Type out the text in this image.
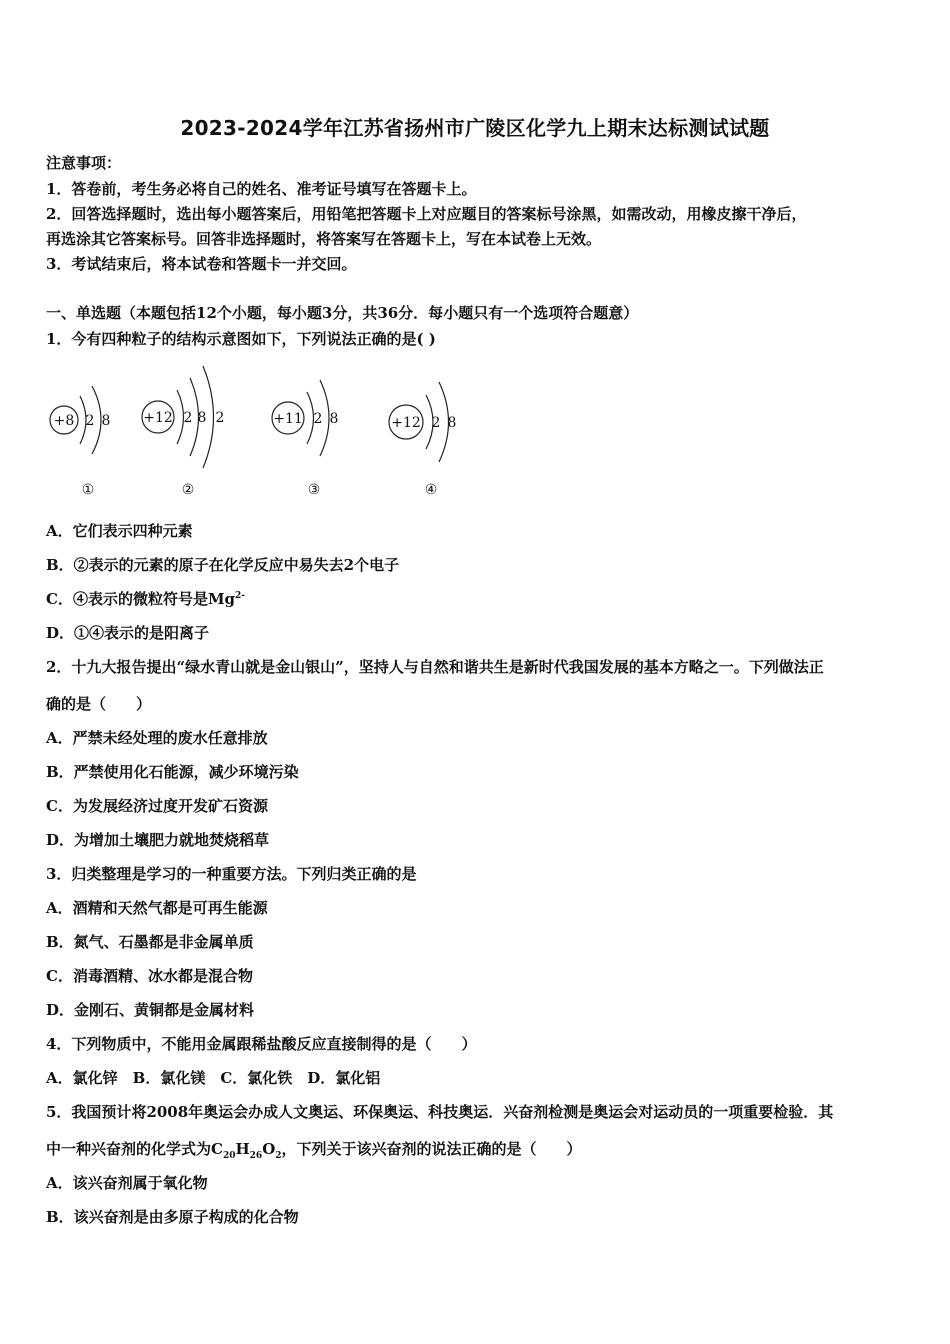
2023-2024学年江苏省扬州市广陵区化学九上期末达标测试试题
注意事项：
1．答卷前，考生务必将自己的姓名、准考证号填写在答题卡上。
2．回答选择题时，选出每小题答案后，用铅笔把答题卡上对应题目的答案标号涂黑，如需改动，用橡皮擦干净后，
再选涂其它答案标号。回答非选择题时，将答案写在答题卡上，写在本试卷上无效。
3．考试结束后，将本试卷和答题卡一并交回。
一、单选题（本题包括12个小题，每小题3分，共36分．每小题只有一个选项符合题意）
1．今有四种粒子的结构示意图如下，下列说法正确的是( )
+8 2 8
①
+12 2 8 2
②
+11 2 8
③
+12 2 8
④
A．它们表示四种元素
B．②表示的元素的原子在化学反应中易失去2个电子
C．④表示的微粒符号是$Mg^{2-}$
D．①④表示的是阳离子
2．十九大报告提出“绿水青山就是金山银山”，坚持人与自然和谐共生是新时代我国发展的基本方略之一。下列做法正
确的是（　　）
A．严禁未经处理的废水任意排放
B．严禁使用化石能源，减少环境污染
C．为发展经济过度开发矿石资源
D．为增加土壤肥力就地焚烧稻草
3．归类整理是学习的一种重要方法。下列归类正确的是
A．酒精和天然气都是可再生能源
B．氮气、石墨都是非金属单质
C．消毒酒精、冰水都是混合物
D．金刚石、黄铜都是金属材料
4．下列物质中，不能用金属跟稀盐酸反应直接制得的是（　　）
A．氯化锌　B．氯化镁　C．氯化铁　D．氯化铝
5．我国预计将2008年奥运会办成人文奥运、环保奥运、科技奥运．兴奋剂检测是奥运会对运动员的一项重要检验．其
中一种兴奋剂的化学式为$C_{20}H_{26}O_2$，下列关于该兴奋剂的说法正确的是（　　）
A．该兴奋剂属于氧化物
B．该兴奋剂是由多原子构成的化合物
